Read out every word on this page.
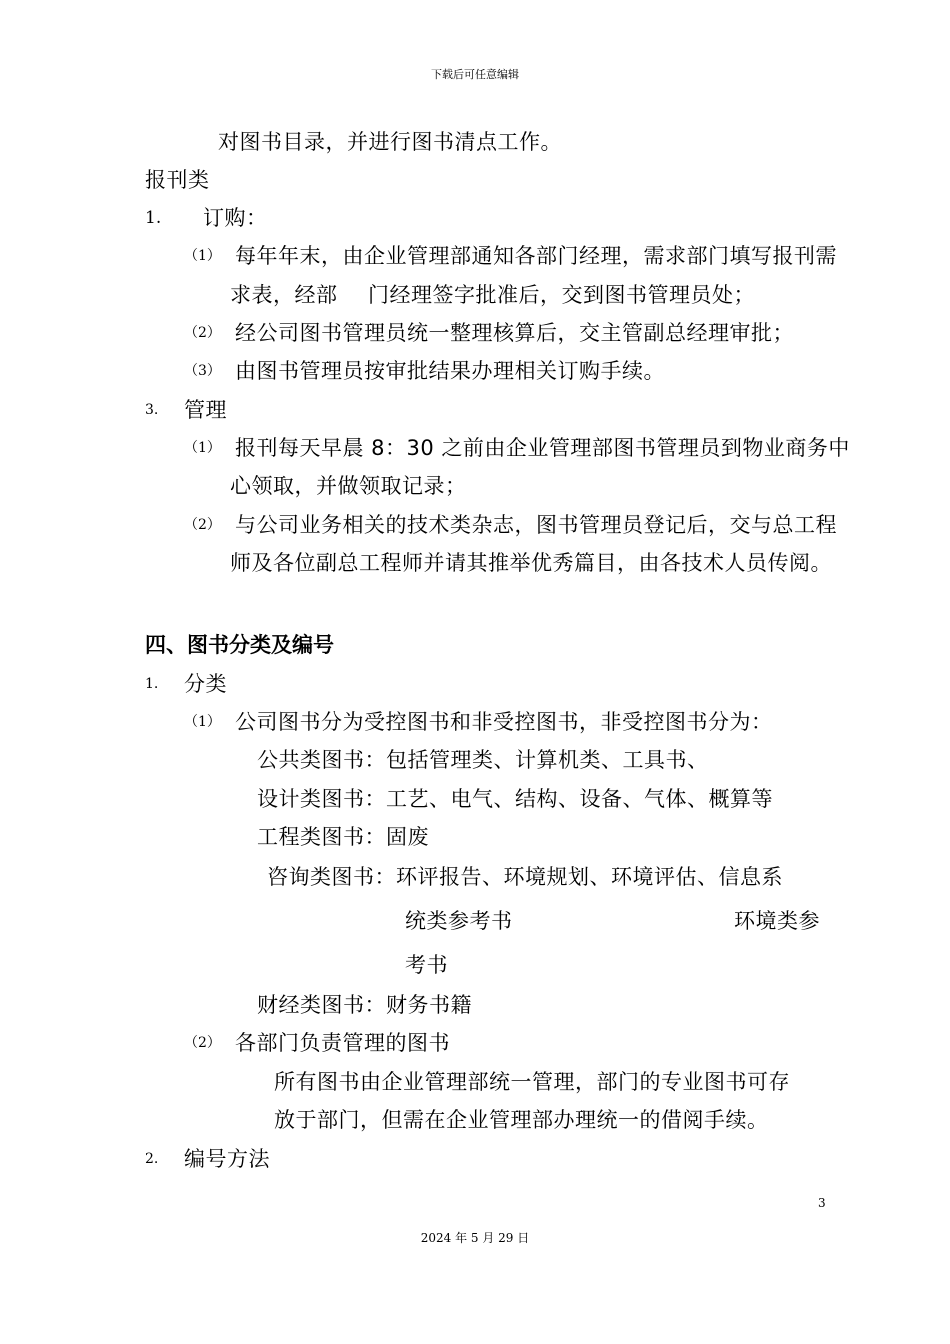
下载后可任意编辑
对图书目录，并进行图书清点工作。
报刊类
1. 订购：
（1） 每年年末，由企业管理部通知各部门经理，需求部门填写报刊需
求表，经部 门经理签字批准后，交到图书管理员处；
（2） 经公司图书管理员统一整理核算后，交主管副总经理审批；
（3） 由图书管理员按审批结果办理相关订购手续。
3. 管理
（1） 报刊每天早晨 8：30 之前由企业管理部图书管理员到物业商务中
心领取，并做领取记录；
（2） 与公司业务相关的技术类杂志，图书管理员登记后，交与总工程
师及各位副总工程师并请其推举优秀篇目，由各技术人员传阅。
四、图书分类及编号
1. 分类
（1） 公司图书分为受控图书和非受控图书，非受控图书分为：
公共类图书：包括管理类、计算机类、工具书、
设计类图书：工艺、电气、结构、设备、气体、概算等
工程类图书：固废
咨询类图书：环评报告、环境规划、环境评估、信息系
统类参考书	环境类参
考书
财经类图书：财务书籍
（2） 各部门负责管理的图书
所有图书由企业管理部统一管理，部门的专业图书可存
放于部门，但需在企业管理部办理统一的借阅手续。
2. 编号方法
3
2024 年 5 月 29 日
